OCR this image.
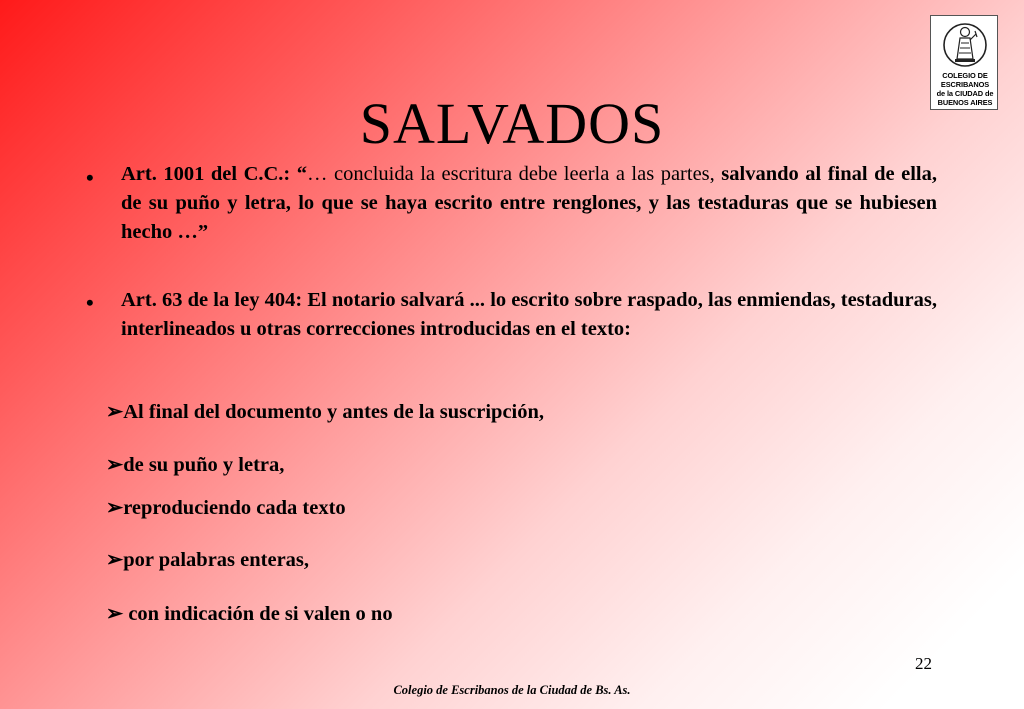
COLEGIO DE
ESCRIBANOS
de la CIUDAD de
BUENOS AIRES
SALVADOS
• Art. 1001 del C.C.: “… concluida la escritura debe leerla a las partes, salvando al final de ella, de su puño y letra, lo que se haya escrito entre renglones, y las testaduras que se hubiesen hecho …”
• Art. 63 de la ley 404: El notario salvará ... lo escrito sobre raspado, las enmiendas, testaduras, interlineados u otras correcciones introducidas en el texto:
➢Al final del documento y antes de la suscripción,
➢de su puño y letra,
➢reproduciendo cada texto
➢por palabras enteras,
➢ con indicación de si valen o no
22
Colegio de Escribanos de la Ciudad de Bs. As.
